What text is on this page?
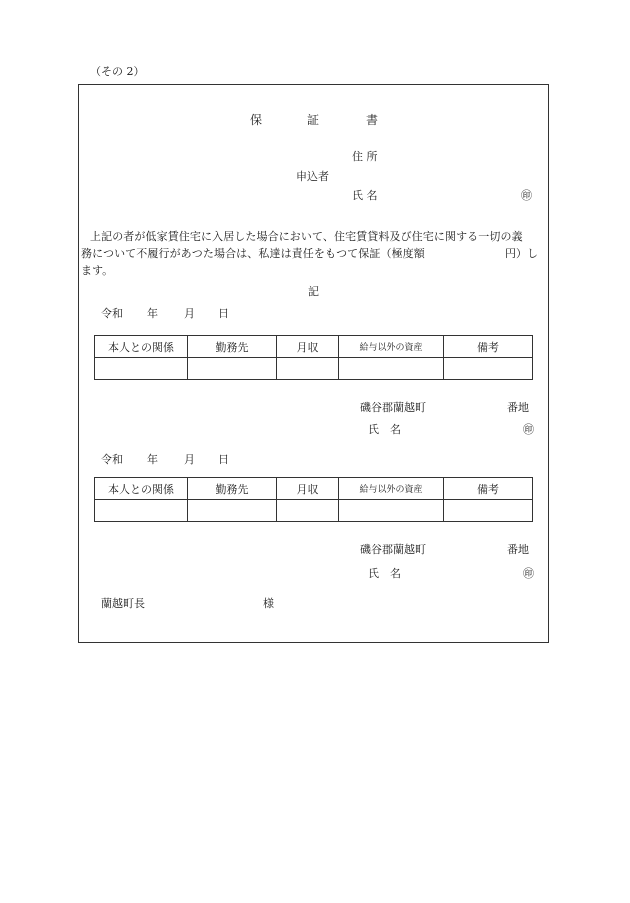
（その 2）
保	証	書
住 所
申込者
氏 名	㊞
上記の者が低家賃住宅に入居した場合において、住宅賃貸料及び住宅に関する一切の義
務について不履行があつた場合は、私達は責任をもつて保証（極度額	円）し
ます。
記
令和 年 月 日
本人との関係	勤務先	月収	給与以外の資産	備考

磯谷郡蘭越町	番地
氏　名	㊞
令和 年 月 日
本人との関係	勤務先	月収	給与以外の資産	備考

磯谷郡蘭越町	番地
氏　名	㊞
蘭越町長	様
